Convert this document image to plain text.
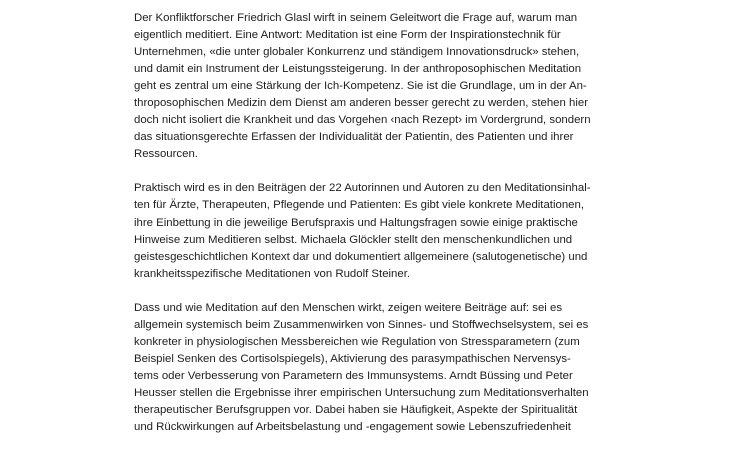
Der Konfliktforscher Friedrich Glasl wirft in seinem Geleitwort die Frage auf, warum man
eigentlich meditiert. Eine Antwort: Meditation ist eine Form der Inspirationstechnik für
Unternehmen, «die unter globaler Konkurrenz und ständigem Innovationsdruck» stehen,
und damit ein Instrument der Leistungssteigerung. In der anthroposophischen Meditation
geht es zentral um eine Stärkung der Ich-Kompetenz. Sie ist die Grundlage, um in der An-
throposophischen Medizin dem Dienst am anderen besser gerecht zu werden, stehen hier
doch nicht isoliert die Krankheit und das Vorgehen ‹nach Rezept› im Vordergrund, sondern
das situationsgerechte Erfassen der Individualität der Patientin, des Patienten und ihrer
Ressourcen.

Praktisch wird es in den Beiträgen der 22 Autorinnen und Autoren zu den Meditationsinhal-
ten für Ärzte, Therapeuten, Pflegende und Patienten: Es gibt viele konkrete Meditationen,
ihre Einbettung in die jeweilige Berufspraxis und Haltungsfragen sowie einige praktische
Hinweise zum Meditieren selbst. Michaela Glöckler stellt den menschenkundlichen und
geistesgeschichtlichen Kontext dar und dokumentiert allgemeinere (salutogenetische) und
krankheitsspezifische Meditationen von Rudolf Steiner.

Dass und wie Meditation auf den Menschen wirkt, zeigen weitere Beiträge auf: sei es
allgemein systemisch beim Zusammenwirken von Sinnes- und Stoffwechselsystem, sei es
konkreter in physiologischen Messbereichen wie Regulation von Stressparametern (zum
Beispiel Senken des Cortisolspiegels), Aktivierung des parasympathischen Nervensys-
tems oder Verbesserung von Parametern des Immunsystems. Arndt Büssing und Peter
Heusser stellen die Ergebnisse ihrer empirischen Untersuchung zum Meditationsverhalten
therapeutischer Berufsgruppen vor. Dabei haben sie Häufigkeit, Aspekte der Spiritualität
und Rückwirkungen auf Arbeitsbelastung und -engagement sowie Lebenszufriedenheit
